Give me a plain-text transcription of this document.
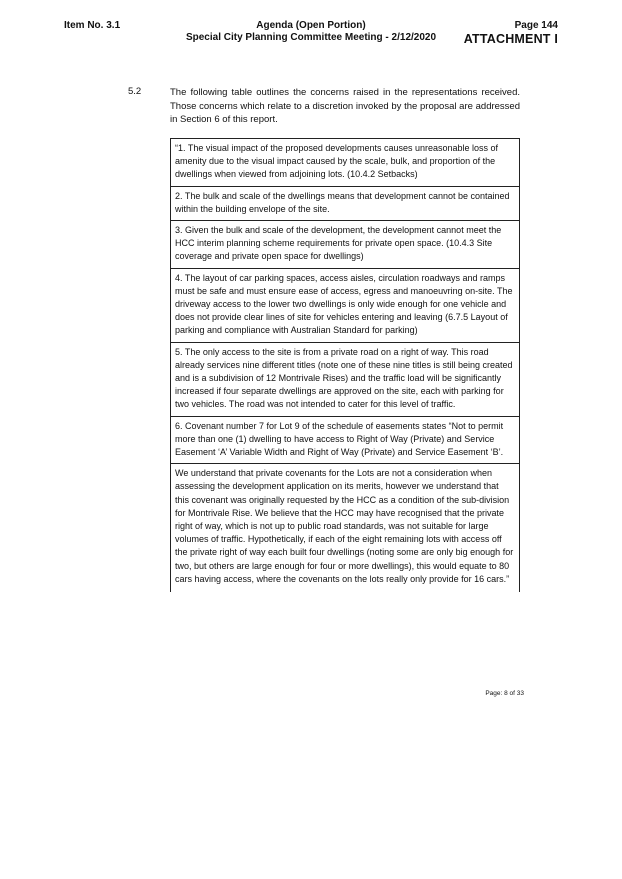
Item No. 3.1	Agenda (Open Portion)
Special City Planning Committee Meeting - 2/12/2020
Page 144
ATTACHMENT I
5.2	The following table outlines the concerns raised in the representations received. Those concerns which relate to a discretion invoked by the proposal are addressed in Section 6 of this report.
“1. The visual impact of the proposed developments causes unreasonable loss of amenity due to the visual impact caused by the scale, bulk, and proportion of the dwellings when viewed from adjoining lots. (10.4.2 Setbacks)
2. The bulk and scale of the dwellings means that development cannot be contained within the building envelope of the site.
3. Given the bulk and scale of the development, the development cannot meet the HCC interim planning scheme requirements for private open space. (10.4.3 Site coverage and private open space for dwellings)
4. The layout of car parking spaces, access aisles, circulation roadways and ramps must be safe and must ensure ease of access, egress and manoeuvring on-site. The driveway access to the lower two dwellings is only wide enough for one vehicle and does not provide clear lines of site for vehicles entering and leaving (6.7.5 Layout of parking and compliance with Australian Standard for parking)
5. The only access to the site is from a private road on a right of way. This road already services nine different titles (note one of these nine titles is still being created and is a subdivision of 12 Montrivale Rises) and the traffic load will be significantly increased if four separate dwellings are approved on the site, each with parking for two vehicles. The road was not intended to cater for this level of traffic.
6. Covenant number 7 for Lot 9 of the schedule of easements states “Not to permit more than one (1) dwelling to have access to Right of Way (Private) and Service Easement ‘A’ Variable Width and Right of Way (Private) and Service Easement ‘B’.
We understand that private covenants for the Lots are not a consideration when assessing the development application on its merits, however we understand that this covenant was originally requested by the HCC as a condition of the sub-division for Montrivale Rise. We believe that the HCC may have recognised that the private right of way, which is not up to public road standards, was not suitable for large volumes of traffic. Hypothetically, if each of the eight remaining lots with access off the private right of way each built four dwellings (noting some are only big enough for two, but others are large enough for four or more dwellings), this would equate to 80 cars having access, where the covenants on the lots really only provide for 16 cars.”
Page: 8 of 33
